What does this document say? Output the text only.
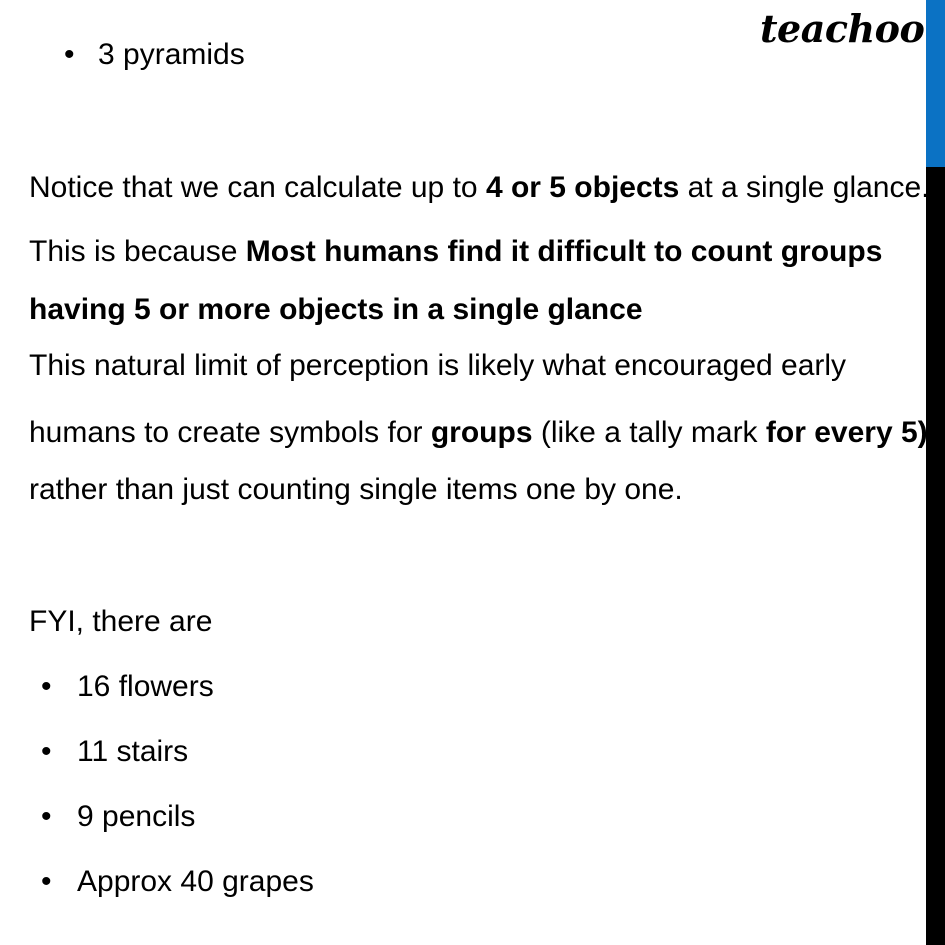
teachoo
• 3 pyramids
Notice that we can calculate up to 4 or 5 objects at a single glance.
This is because Most humans find it difficult to count groups
having 5 or more objects in a single glance
This natural limit of perception is likely what encouraged early
humans to create symbols for groups (like a tally mark for every 5)
rather than just counting single items one by one.
FYI, there are
• 16 flowers
• 11 stairs
• 9 pencils
• Approx 40 grapes
